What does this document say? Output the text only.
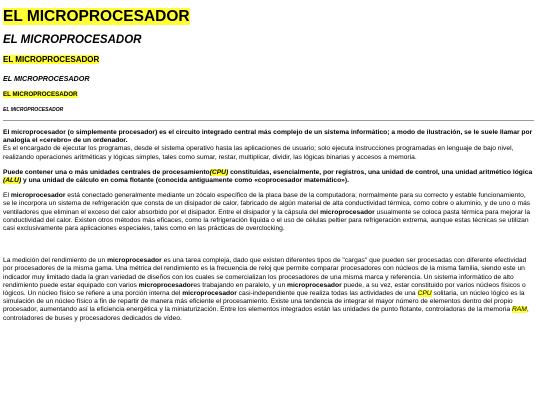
EL MICROPROCESADOR
EL MICROPROCESADOR
EL MICROPROCESADOR
EL MICROPROCESADOR
EL MICROPROCESADOR
EL MICROPROCESADOR

El microprocesador (o simplemente procesador) es el circuito integrado central más complejo de un sistema informático; a modo de ilustración, se le suele llamar por analogía el «cerebro» de un ordenador.

Es el encargado de ejecutar los programas, desde el sistema operativo hasta las aplicaciones de usuario; solo ejecuta instrucciones programadas en lenguaje de bajo nivel, realizando operaciones aritméticas y lógicas simples, tales como sumar, restar, multiplicar, dividir, las lógicas binarias y accesos a memoria.

Puede contener una o más unidades centrales de procesamiento(CPU) constituidas, esencialmente, por registros, una unidad de control, una unidad aritmético lógica (ALU) y una unidad de cálculo en coma flotante (conocida antiguamente como «coprocesador matemático»).

El microprocesador está conectado generalmente mediante un zócalo específico de la placa base de la computadora; normalmente para su correcto y estable funcionamiento, se le incorpora un sistema de refrigeración que consta de un disipador de calor, fabricado de algún material de alta conductividad térmica, como cobre o aluminio, y de uno o más ventiladores que eliminan el exceso del calor absorbido por el disipador. Entre el disipador y la cápsula del microprocesador usualmente se coloca pasta térmica para mejorar la conductividad del calor. Existen otros métodos más eficaces, como la refrigeración líquida o el uso de células peltier para refrigeración extrema, aunque estas técnicas se utilizan casi exclusivamente para aplicaciones especiales, tales como en las prácticas de overclocking.

La medición del rendimiento de un microprocesador es una tarea compleja, dado que existen diferentes tipos de "cargas" que pueden ser procesadas con diferente efectividad por procesadores de la misma gama. Una métrica del rendimiento es la frecuencia de reloj que permite comparar procesadores con núcleos de la misma familia, siendo este un indicador muy limitado dada la gran variedad de diseños con los cuales se comercializan los procesadores de una misma marca y referencia. Un sistema informático de alto rendimiento puede estar equipado con varios microprocesadores trabajando en paralelo, y un microprocesador puede, a su vez, estar constituido por varios núcleos físicos o lógicos. Un núcleo físico se refiere a una porción interna del microprocesador casi-independiente que realiza todas las actividades de una CPU solitaria, un núcleo lógico es la simulación de un núcleo físico a fin de repartir de manera más eficiente el procesamiento. Existe una tendencia de integrar el mayor número de elementos dentro del propio procesador, aumentando así la eficiencia energética y la miniaturización. Entre los elementos integrados están las unidades de punto flotante, controladoras de la memoria RAM, controladores de buses y procesadores dedicados de vídeo.
